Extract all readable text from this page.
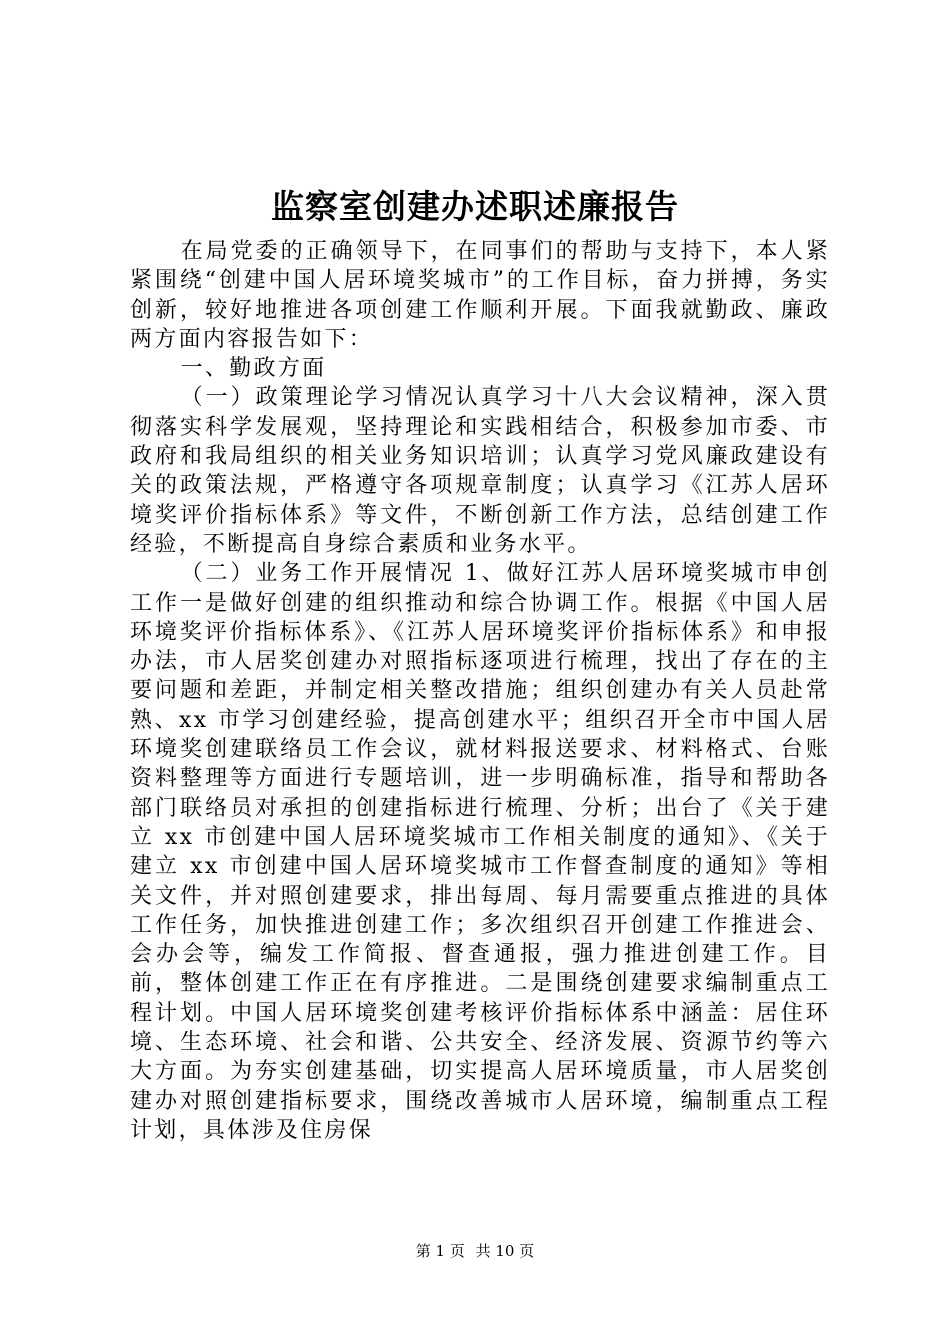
监察室创建办述职述廉报告

在局党委的正确领导下，在同事们的帮助与支持下，本人紧紧围绕“创建中国人居环境奖城市”的工作目标，奋力拼搏，务实创新，较好地推进各项创建工作顺利开展。下面我就勤政、廉政两方面内容报告如下：

一、勤政方面

（一）政策理论学习情况认真学习十八大会议精神，深入贯彻落实科学发展观，坚持理论和实践相结合，积极参加市委、市政府和我局组织的相关业务知识培训；认真学习党风廉政建设有关的政策法规，严格遵守各项规章制度；认真学习《江苏人居环境奖评价指标体系》等文件，不断创新工作方法，总结创建工作经验，不断提高自身综合素质和业务水平。

（二）业务工作开展情况 1、做好江苏人居环境奖城市申创工作一是做好创建的组织推动和综合协调工作。根据《中国人居环境奖评价指标体系》、《江苏人居环境奖评价指标体系》和申报办法，市人居奖创建办对照指标逐项进行梳理，找出了存在的主要问题和差距，并制定相关整改措施；组织创建办有关人员赴常熟、xx 市学习创建经验，提高创建水平；组织召开全市中国人居环境奖创建联络员工作会议，就材料报送要求、材料格式、台账资料整理等方面进行专题培训，进一步明确标准，指导和帮助各部门联络员对承担的创建指标进行梳理、分析；出台了《关于建立 xx 市创建中国人居环境奖城市工作相关制度的通知》、《关于建立 xx 市创建中国人居环境奖城市工作督查制度的通知》等相关文件，并对照创建要求，排出每周、每月需要重点推进的具体工作任务，加快推进创建工作；多次组织召开创建工作推进会、会办会等，编发工作简报、督查通报，强力推进创建工作。目前，整体创建工作正在有序推进。二是围绕创建要求编制重点工程计划。中国人居环境奖创建考核评价指标体系中涵盖：居住环境、生态环境、社会和谐、公共安全、经济发展、资源节约等六大方面。为夯实创建基础，切实提高人居环境质量，市人居奖创建办对照创建指标要求，围绕改善城市人居环境，编制重点工程计划，具体涉及住房保

第 1 页 共 10 页
